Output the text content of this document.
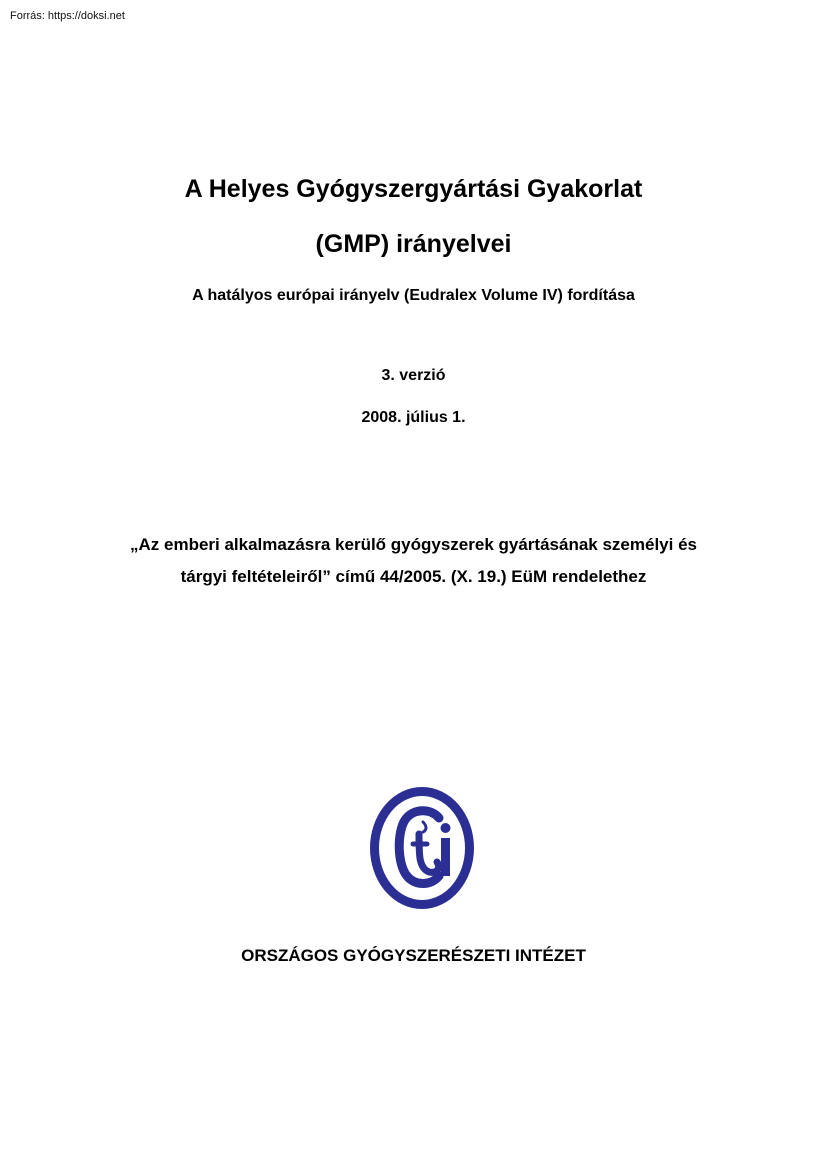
Forrás: https://doksi.net
A Helyes Gyógyszergyártási Gyakorlat
(GMP) irányelvei
A hatályos európai irányelv (Eudralex Volume IV) fordítása
3. verzió
2008. július 1.
„Az emberi alkalmazásra kerülő gyógyszerek gyártásának személyi és
tárgyi feltételeiről” című 44/2005. (X. 19.) EüM rendelethez
ORSZÁGOS GYÓGYSZERÉSZETI INTÉZET
